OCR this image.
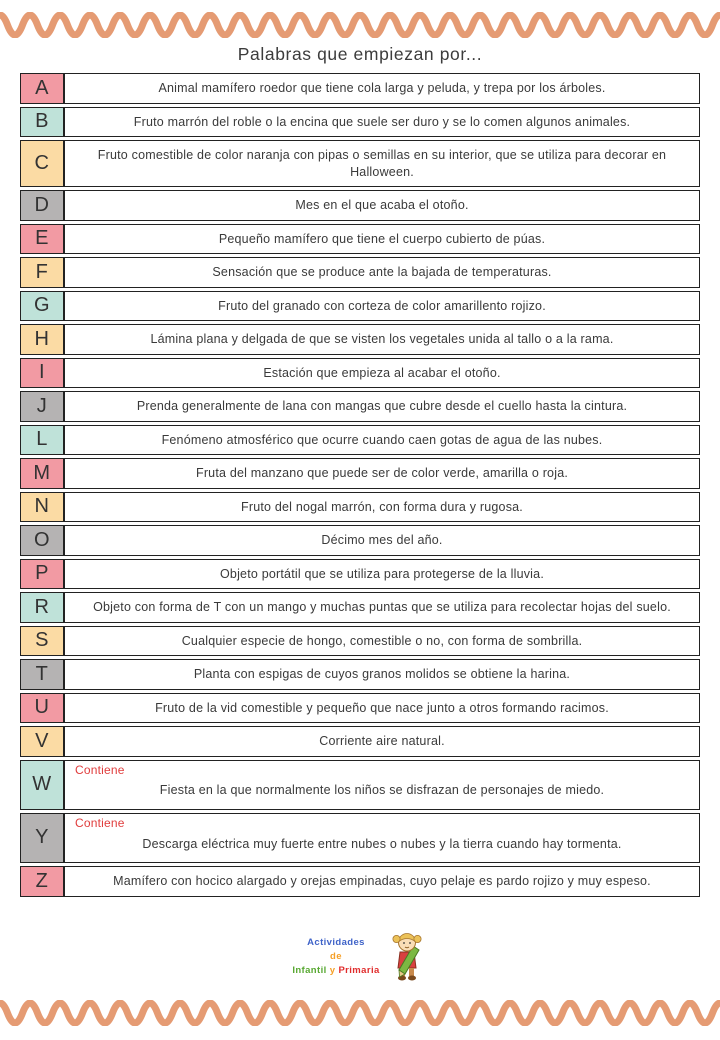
Palabras que empiezan por...
A	Animal mamífero roedor que tiene cola larga y peluda, y trepa por los árboles.
B	Fruto marrón del roble o la encina que suele ser duro y se lo comen algunos animales.
C	Fruto comestible de color naranja con pipas o semillas en su interior, que se utiliza para decorar en Halloween.
D	Mes en el que acaba el otoño.
E	Pequeño mamífero que tiene el cuerpo cubierto de púas.
F	Sensación que se produce ante la bajada de temperaturas.
G	Fruto del granado con corteza de color amarillento rojizo.
H	Lámina plana y delgada de que se visten los vegetales unida al tallo o a la rama.
I	Estación que empieza al acabar el otoño.
J	Prenda generalmente de lana con mangas que cubre desde el cuello hasta la cintura.
L	Fenómeno atmosférico que ocurre cuando caen gotas de agua de las nubes.
M	Fruta del manzano que puede ser de color verde, amarilla o roja.
N	Fruto del nogal marrón, con forma dura y rugosa.
O	Décimo mes del año.
P	Objeto portátil que se utiliza para protegerse de la lluvia.
R	Objeto con forma de T con un mango y muchas puntas que se utiliza para recolectar hojas del suelo.
S	Cualquier especie de hongo, comestible o no, con forma de sombrilla.
T	Planta con espigas de cuyos granos molidos se obtiene la harina.
U	Fruto de la vid comestible y pequeño que nace junto a otros formando racimos.
V	Corriente aire natural.
W	Contiene
Fiesta en la que normalmente los niños se disfrazan de personajes de miedo.

Y	Contiene
Descarga eléctrica muy fuerte entre nubes o nubes y la tierra cuando hay tormenta.

Z	Mamífero con hocico alargado y orejas empinadas, cuyo pelaje es pardo rojizo y muy espeso.
Actividades
de
Infantil y Primaria
